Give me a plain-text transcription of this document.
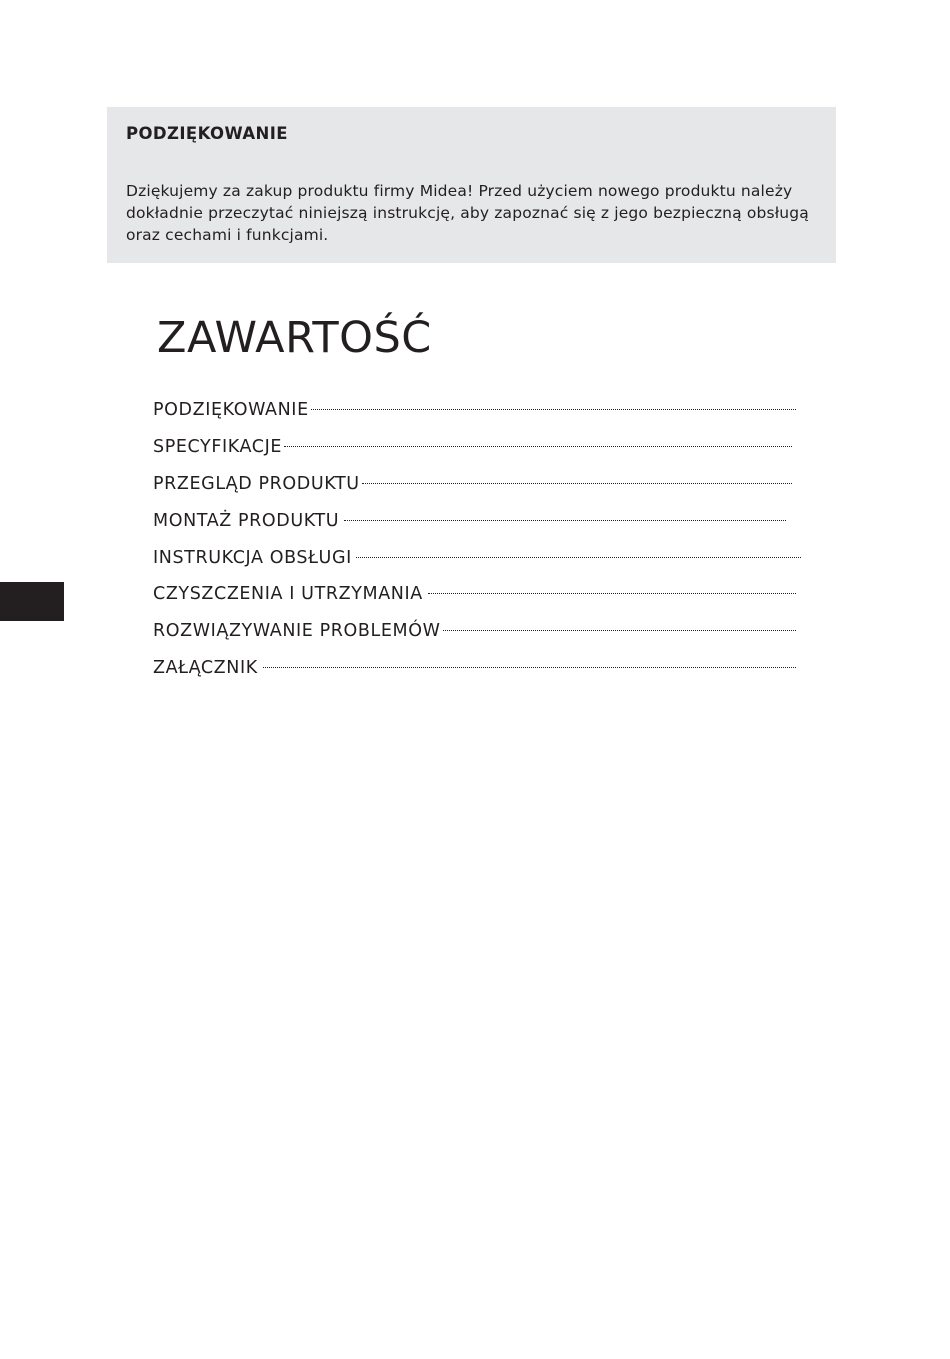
PODZIĘKOWANIE

Dziękujemy za zakup produktu firmy Midea! Przed użyciem nowego produktu należy dokładnie przeczytać niniejszą instrukcję, aby zapoznać się z jego bezpieczną obsługą oraz cechami i funkcjami.

ZAWARTOŚĆ
PODZIĘKOWANIE
SPECYFIKACJE
PRZEGLĄD PRODUKTU
MONTAŻ PRODUKTU
INSTRUKCJA OBSŁUGI
CZYSZCZENIA I UTRZYMANIA
ROZWIĄZYWANIE PROBLEMÓW
ZAŁĄCZNIK
